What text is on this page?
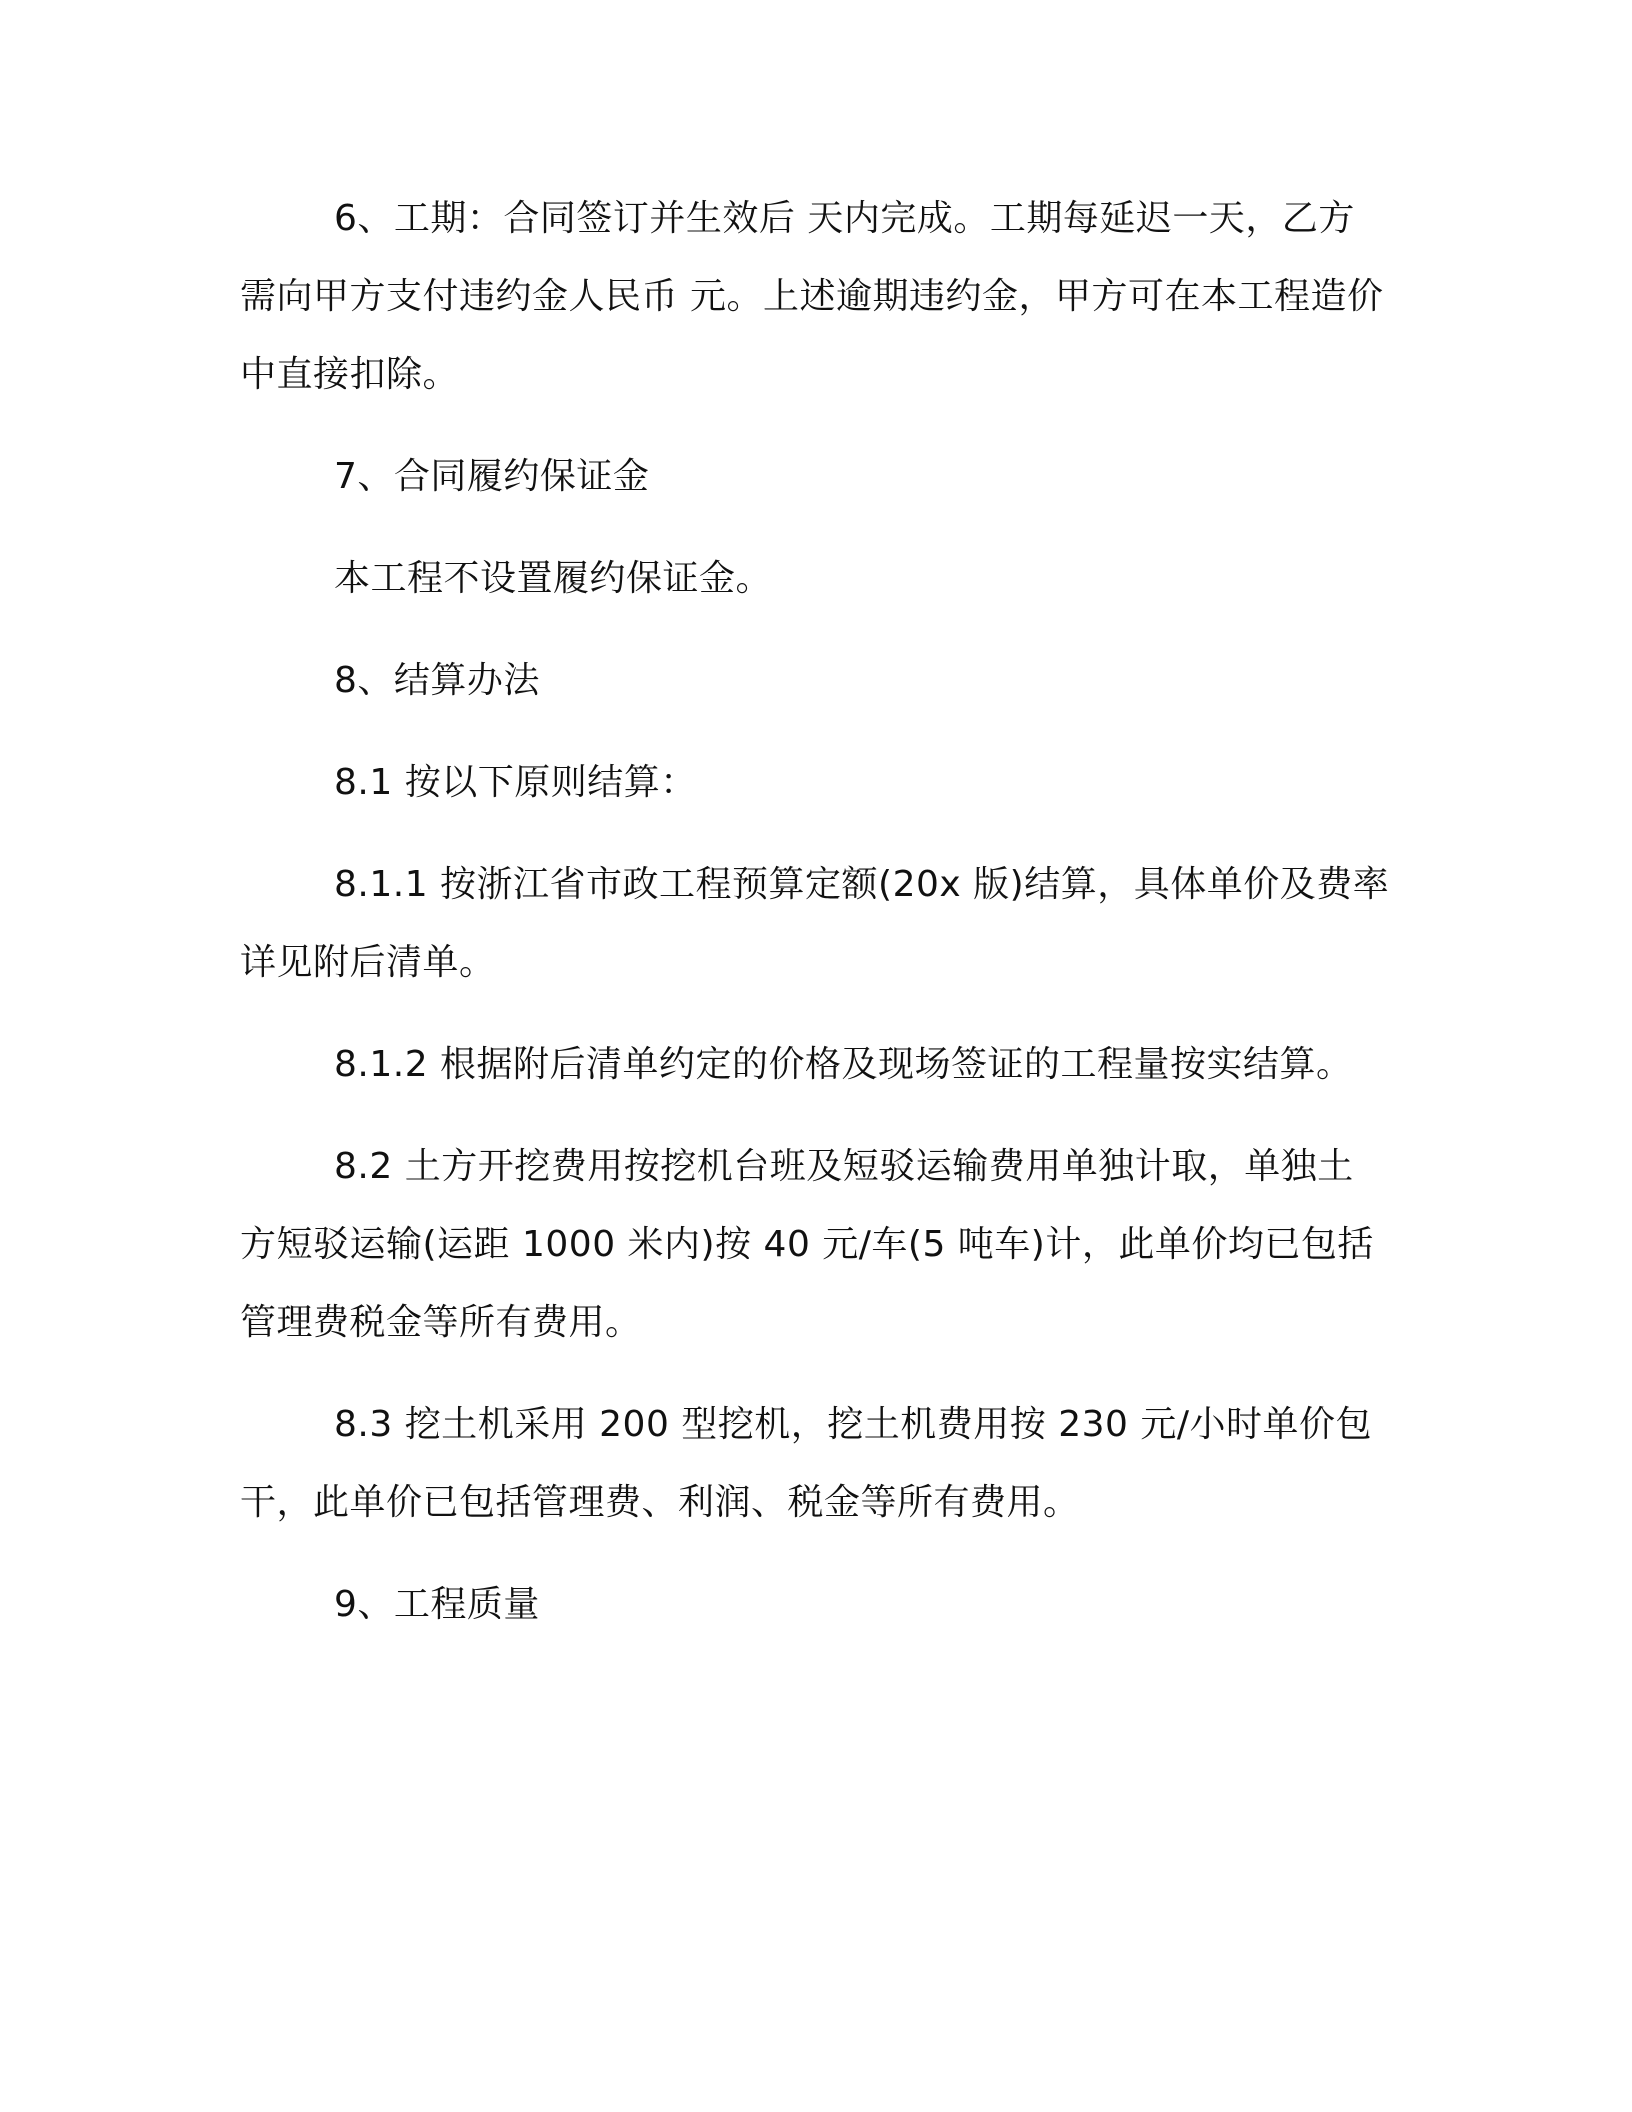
6、工期：合同签订并生效后 天内完成。工期每延迟一天，乙方需向甲方支付违约金人民币 元。上述逾期违约金，甲方可在本工程造价中直接扣除。

7、合同履约保证金

本工程不设置履约保证金。

8、结算办法

8.1 按以下原则结算：

8.1.1 按浙江省市政工程预算定额(20x 版)结算，具体单价及费率详见附后清单。

8.1.2 根据附后清单约定的价格及现场签证的工程量按实结算。

8.2 土方开挖费用按挖机台班及短驳运输费用单独计取，单独土方短驳运输(运距 1000 米内)按 40 元/车(5 吨车)计，此单价均已包括管理费税金等所有费用。

8.3 挖土机采用 200 型挖机，挖土机费用按 230 元/小时单价包干，此单价已包括管理费、利润、税金等所有费用。

9、工程质量
